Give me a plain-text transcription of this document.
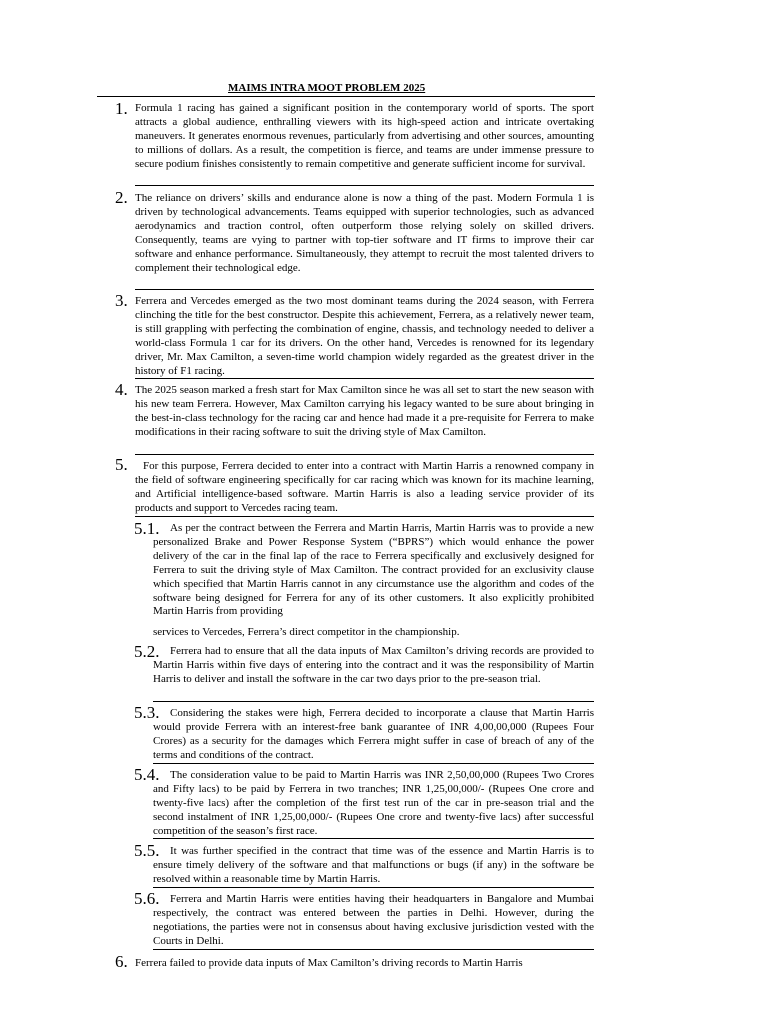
MAIMS INTRA MOOT PROBLEM 2025
1. Formula 1 racing has gained a significant position in the contemporary world of sports. The sport attracts a global audience, enthralling viewers with its high-speed action and intricate overtaking maneuvers. It generates enormous revenues, particularly from advertising and other sources, amounting to millions of dollars. As a result, the competition is fierce, and teams are under immense pressure to secure podium finishes consistently to remain competitive and generate sufficient income for survival.

2. The reliance on drivers’ skills and endurance alone is now a thing of the past. Modern Formula 1 is driven by technological advancements. Teams equipped with superior technologies, such as advanced aerodynamics and traction control, often outperform those relying solely on skilled drivers. Consequently, teams are vying to partner with top-tier software and IT firms to improve their car software and enhance performance. Simultaneously, they attempt to recruit the most talented drivers to complement their technological edge.

3. Ferrera and Vercedes emerged as the two most dominant teams during the 2024 season, with Ferrera clinching the title for the best constructor. Despite this achievement, Ferrera, as a relatively newer team, is still grappling with perfecting the combination of engine, chassis, and technology needed to deliver a world-class Formula 1 car for its drivers. On the other hand, Vercedes is renowned for its legendary driver, Mr. Max Camilton, a seven-time world champion widely regarded as the greatest driver in the history of F1 racing.

4. The 2025 season marked a fresh start for Max Camilton since he was all set to start the new season with his new team Ferrera. However, Max Camilton carrying his legacy wanted to be sure about bringing in the best-in-class technology for the racing car and hence had made it a pre-requisite for Ferrera to make modifications in their racing software to suit the driving style of Max Camilton.

5.	For this purpose, Ferrera decided to enter into a contract with Martin Harris a renowned company in the field of software engineering specifically for car racing which was known for its machine learning, and Artificial intelligence-based software. Martin Harris is also a leading service provider of its products and support to Vercedes racing team.

5.1. As per the contract between the Ferrera and Martin Harris, Martin Harris was to provide a new personalized Brake and Power Response System (“BPRS”) which would enhance the power delivery of the car in the final lap of the race to Ferrera specifically and exclusively designed for Ferrera to suit the driving style of Max Camilton. The contract provided for an exclusivity clause which specified that Martin Harris cannot in any circumstance use the algorithm and codes of the software being designed for Ferrera for any of its other customers. It also explicitly prohibited Martin Harris from providing

services to Vercedes, Ferrera’s direct competitor in the championship.

5.2. Ferrera had to ensure that all the data inputs of Max Camilton’s driving records are provided to Martin Harris within five days of entering into the contract and it was the responsibility of Martin Harris to deliver and install the software in the car two days prior to the pre-season trial.

5.3. Considering the stakes were high, Ferrera decided to incorporate a clause that Martin Harris would provide Ferrera with an interest-free bank guarantee of INR 4,00,00,000 (Rupees Four Crores) as a security for the damages which Ferrera might suffer in case of breach of any of the terms and conditions of the contract.

5.4. The consideration value to be paid to Martin Harris was INR 2,50,00,000 (Rupees Two Crores and Fifty lacs) to be paid by Ferrera in two tranches; INR 1,25,00,000/- (Rupees One crore and twenty-five lacs) after the completion of the first test run of the car in pre-season trial and the second instalment of INR 1,25,00,000/- (Rupees One crore and twenty-five lacs) after successful competition of the season’s first race.

5.5. It was further specified in the contract that time was of the essence and Martin Harris is to ensure timely delivery of the software and that malfunctions or bugs (if any) in the software be resolved within a reasonable time by Martin Harris.

5.6. Ferrera and Martin Harris were entities having their headquarters in Bangalore and Mumbai respectively, the contract was entered between the parties in Delhi. However, during the negotiations, the parties were not in consensus about having exclusive jurisdiction vested with the Courts in Delhi.

6. Ferrera failed to provide data inputs of Max Camilton’s driving records to Martin Harris
